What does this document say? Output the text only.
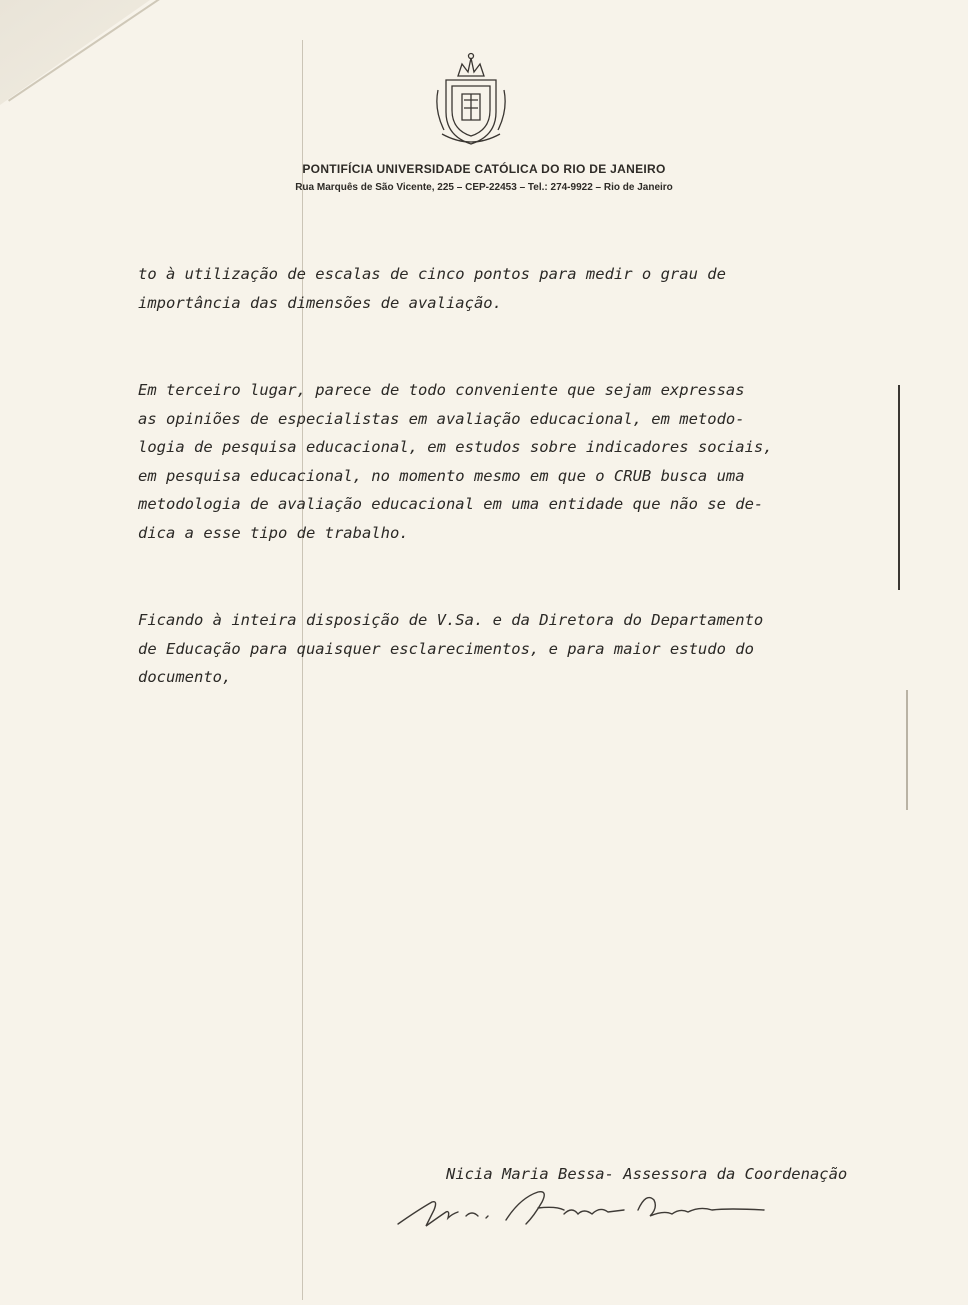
PONTIFÍCIA UNIVERSIDADE CATÓLICA DO RIO DE JANEIRO
Rua Marquês de São Vicente, 225 – CEP-22453 – Tel.: 274-9922 – Rio de Janeiro
to à utilização de escalas de cinco pontos para medir o grau de
importância das dimensões de avaliação.
Em terceiro lugar, parece de todo conveniente que sejam expressas
as opiniões de especialistas em avaliação educacional, em metodo-
logia de pesquisa educacional, em estudos sobre indicadores sociais,
em pesquisa educacional, no momento mesmo em que o CRUB busca uma
metodologia de avaliação educacional em uma entidade que não se de-
dica a esse tipo de trabalho.
Ficando à inteira disposição de V.Sa. e da Diretora do Departamento
de Educação para quaisquer esclarecimentos, e para maior estudo do
documento,
Nicia Maria Bessa- Assessora da Coordenação
